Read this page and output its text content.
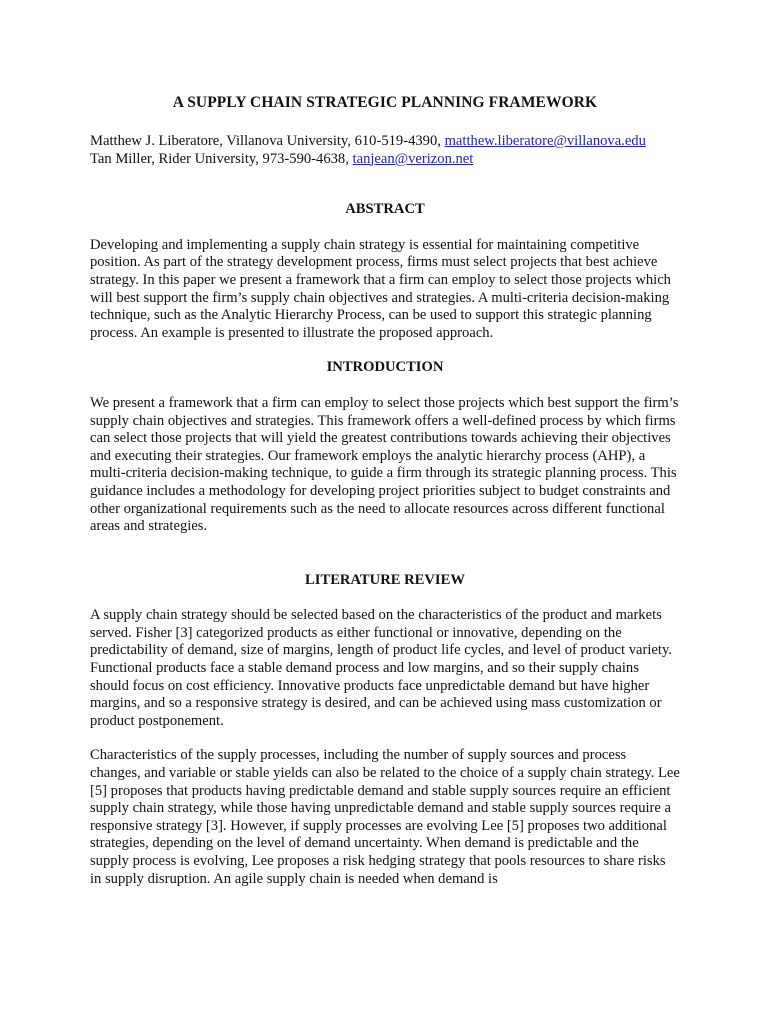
A SUPPLY CHAIN STRATEGIC PLANNING FRAMEWORK
Matthew J. Liberatore, Villanova University, 610-519-4390, matthew.liberatore@villanova.edu
Tan Miller, Rider University, 973-590-4638, tanjean@verizon.net
ABSTRACT
Developing and implementing a supply chain strategy is essential for maintaining competitive position. As part of the strategy development process, firms must select projects that best achieve strategy. In this paper we present a framework that a firm can employ to select those projects which will best support the firm’s supply chain objectives and strategies. A multi-criteria decision-making technique, such as the Analytic Hierarchy Process, can be used to support this strategic planning process. An example is presented to illustrate the proposed approach.
INTRODUCTION
We present a framework that a firm can employ to select those projects which best support the firm’s supply chain objectives and strategies. This framework offers a well-defined process by which firms can select those projects that will yield the greatest contributions towards achieving their objectives and executing their strategies. Our framework employs the analytic hierarchy process (AHP), a multi-criteria decision-making technique, to guide a firm through its strategic planning process. This guidance includes a methodology for developing project priorities subject to budget constraints and other organizational requirements such as the need to allocate resources across different functional areas and strategies.
LITERATURE REVIEW
A supply chain strategy should be selected based on the characteristics of the product and markets served. Fisher [3] categorized products as either functional or innovative, depending on the predictability of demand, size of margins, length of product life cycles, and level of product variety. Functional products face a stable demand process and low margins, and so their supply chains should focus on cost efficiency. Innovative products face unpredictable demand but have higher margins, and so a responsive strategy is desired, and can be achieved using mass customization or product postponement.
Characteristics of the supply processes, including the number of supply sources and process changes, and variable or stable yields can also be related to the choice of a supply chain strategy. Lee [5] proposes that products having predictable demand and stable supply sources require an efficient supply chain strategy, while those having unpredictable demand and stable supply sources require a responsive strategy [3]. However, if supply processes are evolving Lee [5] proposes two additional strategies, depending on the level of demand uncertainty. When demand is predictable and the supply process is evolving, Lee proposes a risk hedging strategy that pools resources to share risks in supply disruption. An agile supply chain is needed when demand is
